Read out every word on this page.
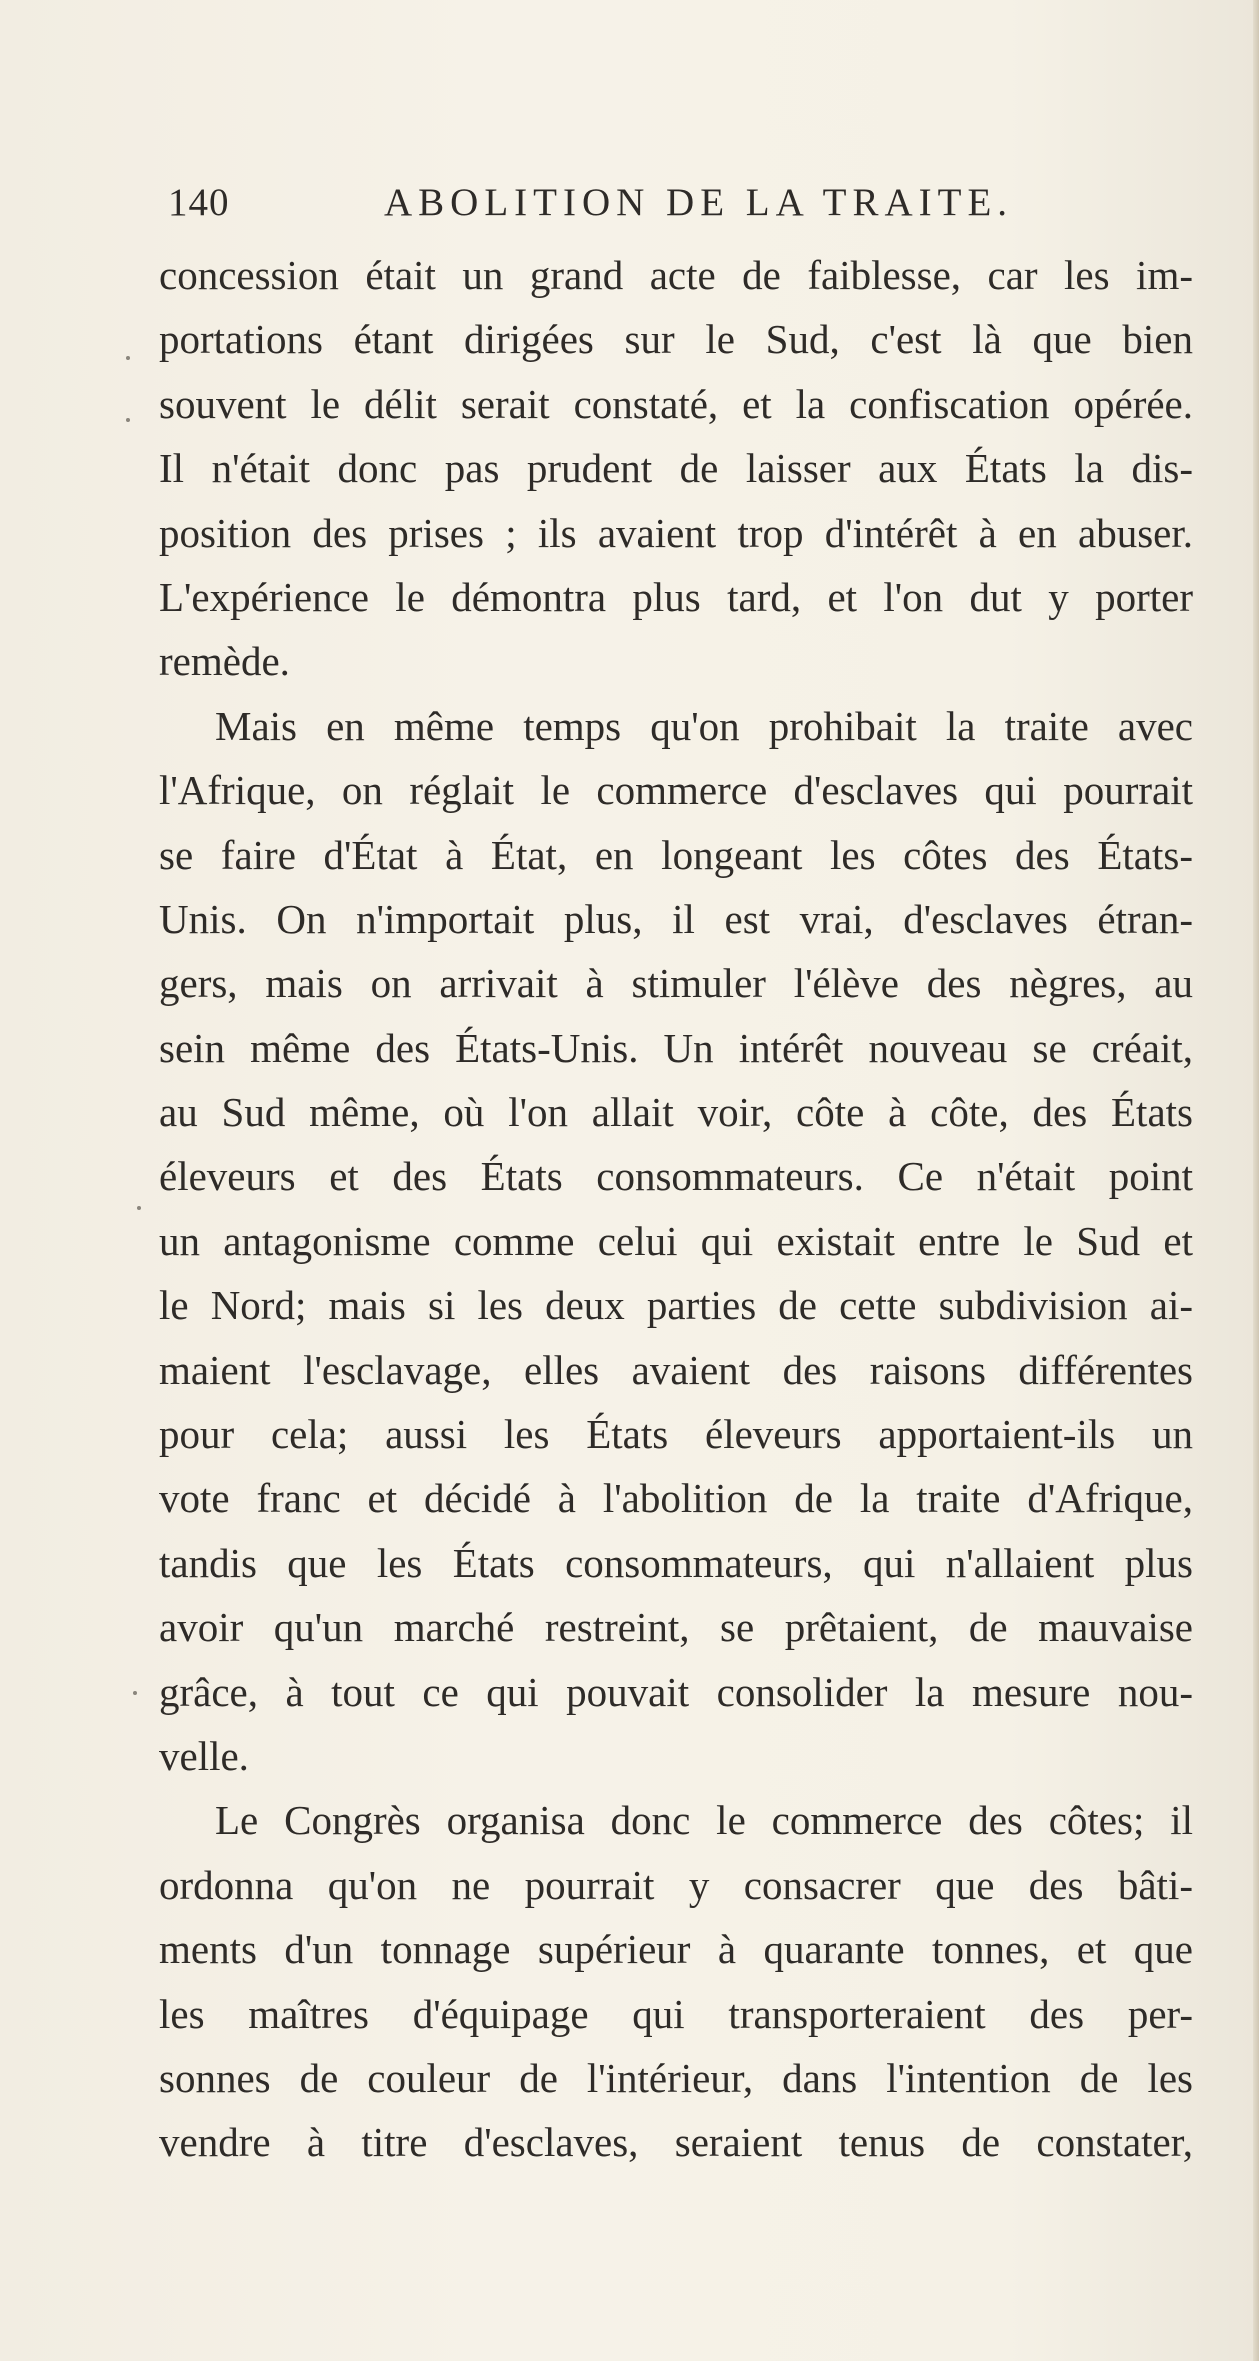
140	ABOLITION DE LA TRAITE.
concession était un grand acte de faiblesse, car les im-
portations étant dirigées sur le Sud, c'est là que bien
souvent le délit serait constaté, et la confiscation opérée.
Il n'était donc pas prudent de laisser aux États la dis-
position des prises ; ils avaient trop d'intérêt à en abuser.
L'expérience le démontra plus tard, et l'on dut y porter
remède.
Mais en même temps qu'on prohibait la traite avec
l'Afrique, on réglait le commerce d'esclaves qui pourrait
se faire d'État à État, en longeant les côtes des États-
Unis. On n'importait plus, il est vrai, d'esclaves étran-
gers, mais on arrivait à stimuler l'élève des nègres, au
sein même des États-Unis. Un intérêt nouveau se créait,
au Sud même, où l'on allait voir, côte à côte, des États
éleveurs et des États consommateurs. Ce n'était point
un antagonisme comme celui qui existait entre le Sud et
le Nord; mais si les deux parties de cette subdivision ai-
maient l'esclavage, elles avaient des raisons différentes
pour cela; aussi les États éleveurs apportaient-ils un
vote franc et décidé à l'abolition de la traite d'Afrique,
tandis que les États consommateurs, qui n'allaient plus
avoir qu'un marché restreint, se prêtaient, de mauvaise
grâce, à tout ce qui pouvait consolider la mesure nou-
velle.
Le Congrès organisa donc le commerce des côtes; il
ordonna qu'on ne pourrait y consacrer que des bâti-
ments d'un tonnage supérieur à quarante tonnes, et que
les maîtres d'équipage qui transporteraient des per-
sonnes de couleur de l'intérieur, dans l'intention de les
vendre à titre d'esclaves, seraient tenus de constater,
